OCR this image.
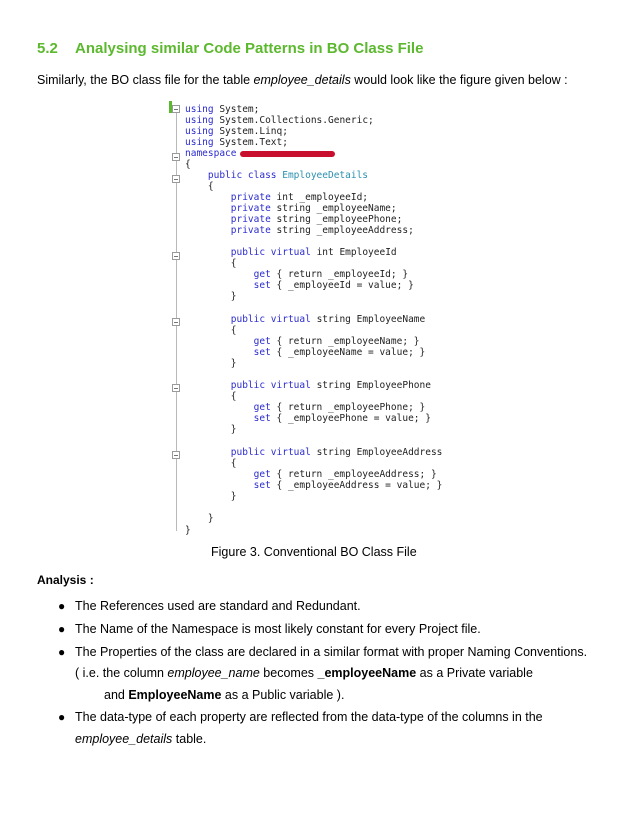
5.2 Analysing similar Code Patterns in BO Class File
Similarly, the BO class file for the table employee_details would look like the figure given below :
using System;
using System.Collections.Generic;
using System.Linq;
using System.Text;
namespace
{
public class EmployeeDetails
{
private int _employeeId;
private string _employeeName;
private string _employeePhone;
private string _employeeAddress;
public virtual int EmployeeId
{
get { return _employeeId; }
set { _employeeId = value; }
}
public virtual string EmployeeName
{
get { return _employeeName; }
set { _employeeName = value; }
}
public virtual string EmployeePhone
{
get { return _employeePhone; }
set { _employeePhone = value; }
}
public virtual string EmployeeAddress
{
get { return _employeeAddress; }
set { _employeeAddress = value; }
}
}
}
Figure 3. Conventional BO Class File
Analysis :
● The References used are standard and Redundant.
● The Name of the Namespace is most likely constant for every Project file.
● The Properties of the class are declared in a similar format with proper Naming Conventions.
( i.e. the column employee_name becomes _employeeName as a Private variable
and EmployeeName as a Public variable ).
● The data-type of each property are reflected from the data-type of the columns in the
employee_details table.
